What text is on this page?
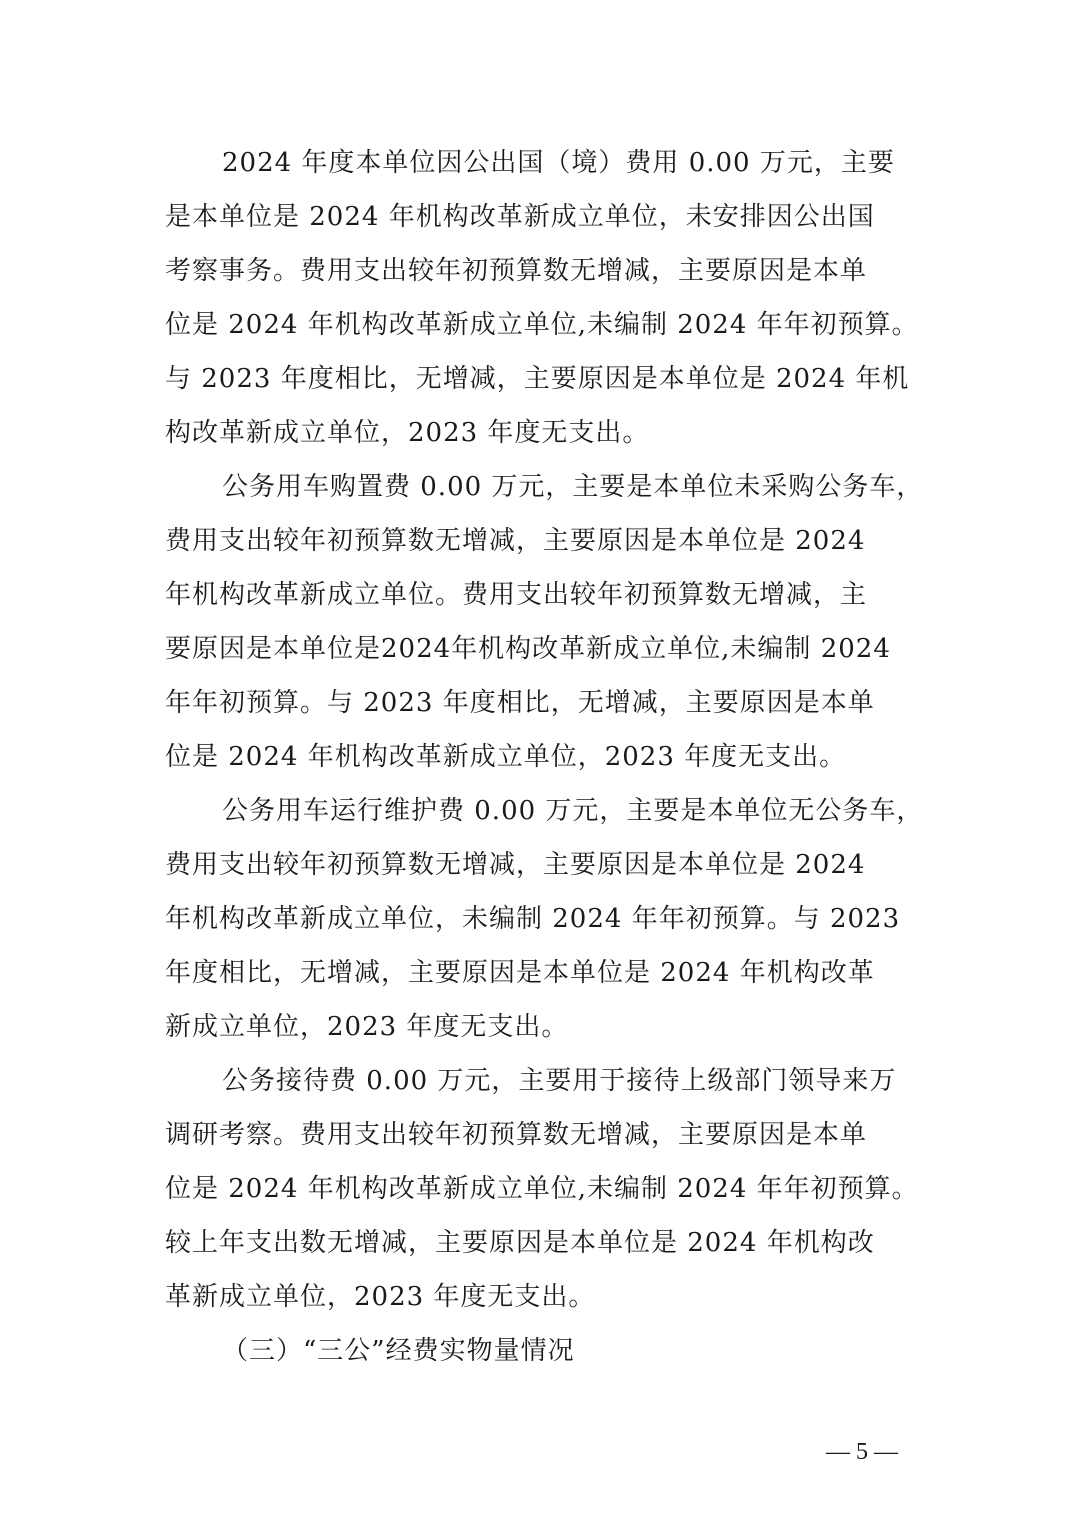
2024 年度本单位因公出国（境）费用 0.00 万元，主要
是本单位是 2024 年机构改革新成立单位，未安排因公出国
考察事务。费用支出较年初预算数无增减，主要原因是本单
位是 2024 年机构改革新成立单位,未编制 2024 年年初预算。
与 2023 年度相比，无增减，主要原因是本单位是 2024 年机
构改革新成立单位，2023 年度无支出。
公务用车购置费 0.00 万元，主要是本单位未采购公务车，
费用支出较年初预算数无增减，主要原因是本单位是 2024
年机构改革新成立单位。费用支出较年初预算数无增减，主
要原因是本单位是2024年机构改革新成立单位,未编制 2024
年年初预算。与 2023 年度相比，无增减，主要原因是本单
位是 2024 年机构改革新成立单位，2023 年度无支出。
公务用车运行维护费 0.00 万元，主要是本单位无公务车，
费用支出较年初预算数无增减，主要原因是本单位是 2024
年机构改革新成立单位，未编制 2024 年年初预算。与 2023
年度相比，无增减，主要原因是本单位是 2024 年机构改革
新成立单位，2023 年度无支出。
公务接待费 0.00 万元，主要用于接待上级部门领导来万
调研考察。费用支出较年初预算数无增减，主要原因是本单
位是 2024 年机构改革新成立单位,未编制 2024 年年初预算。
较上年支出数无增减，主要原因是本单位是 2024 年机构改
革新成立单位，2023 年度无支出。
（三）“三公”经费实物量情况
— 5 —
